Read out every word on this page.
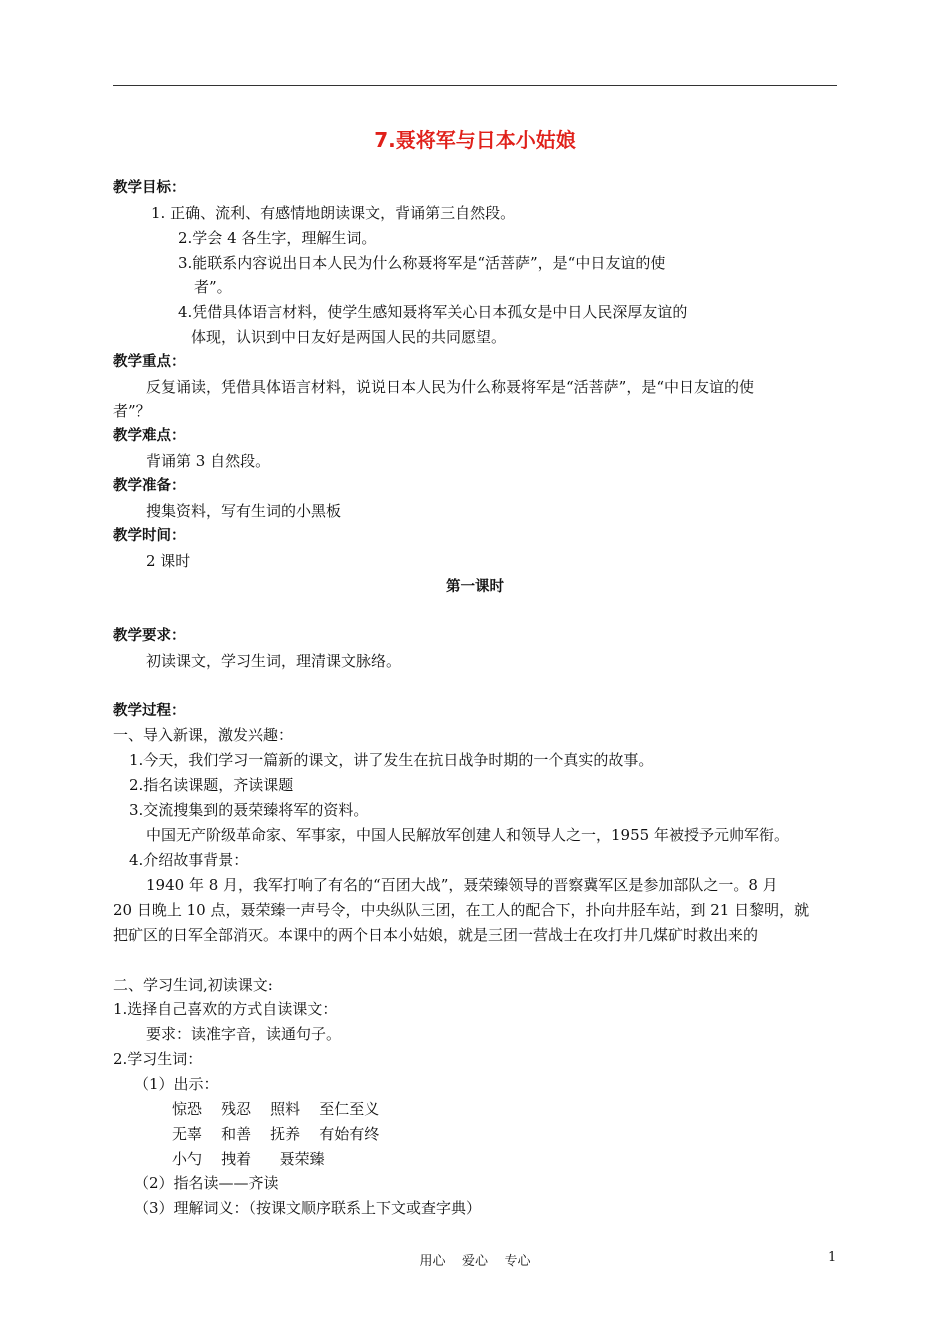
7.聂将军与日本小姑娘
教学目标：
1. 正确、流利、有感情地朗读课文，背诵第三自然段。
2.学会 4 各生字，理解生词。
3.能联系内容说出日本人民为什么称聂将军是“活菩萨”，是“中日友谊的使
者”。
4.凭借具体语言材料，使学生感知聂将军关心日本孤女是中日人民深厚友谊的
体现，认识到中日友好是两国人民的共同愿望。
教学重点：
反复诵读，凭借具体语言材料，说说日本人民为什么称聂将军是“活菩萨”，是“中日友谊的使
者”？
教学难点：
背诵第 3 自然段。
教学准备：
搜集资料，写有生词的小黑板
教学时间：
2 课时
第一课时
教学要求：
初读课文，学习生词，理清课文脉络。
教学过程：
一、导入新课，激发兴趣：
1.今天，我们学习一篇新的课文，讲了发生在抗日战争时期的一个真实的故事。
2.指名读课题，齐读课题
3.交流搜集到的聂荣臻将军的资料。
中国无产阶级革命家、军事家，中国人民解放军创建人和领导人之一，1955 年被授予元帅军衔。
4.介绍故事背景：
1940 年 8 月，我军打响了有名的“百团大战”，聂荣臻领导的晋察冀军区是参加部队之一。8 月
20 日晚上 10 点，聂荣臻一声号令，中央纵队三团，在工人的配合下，扑向井胫车站，到 21 日黎明，就
把矿区的日军全部消灭。本课中的两个日本小姑娘，就是三团一营战士在攻打井几煤矿时救出来的
二、学习生词,初读课文:
1.选择自己喜欢的方式自读课文：
要求：读准字音，读通句子。
2.学习生词：
（1）出示：
惊恐    残忍    照料    至仁至义
无辜    和善    抚养    有始有终
小勺    拽着      聂荣臻
（2）指名读——齐读
（3）理解词义：（按课文顺序联系上下文或查字典）
用心    爱心    专心	1
